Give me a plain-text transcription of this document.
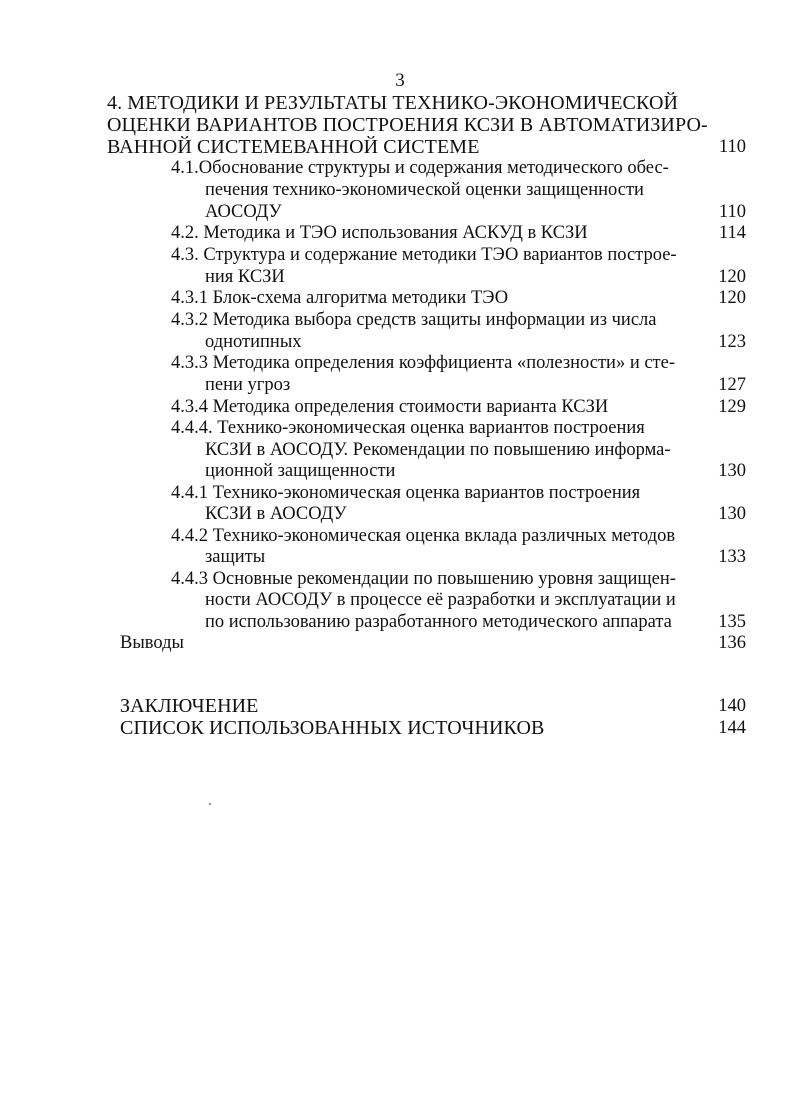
3
4. МЕТОДИКИ И РЕЗУЛЬТАТЫ ТЕХНИКО-ЭКОНОМИЧЕСКОЙ
ОЦЕНКИ ВАРИАНТОВ ПОСТРОЕНИЯ КСЗИ В АВТОМАТИЗИРО-
ВАННОЙ СИСТЕМЕВАННОЙ СИСТЕМЕ	110
4.1.Обоснование структуры и содержания методического обес-
печения технико-экономической оценки защищенности
АОСОДУ	110
4.2. Методика и ТЭО использования АСКУД в КСЗИ	114
4.3. Структура и содержание методики ТЭО вариантов построе-
ния КСЗИ	120
4.3.1 Блок-схема алгоритма методики ТЭО	120
4.3.2 Методика выбора средств защиты информации из числа
однотипных	123
4.3.3 Методика определения коэффициента «полезности» и сте-
пени угроз	127
4.3.4 Методика определения стоимости варианта КСЗИ	129
4.4.4. Технико-экономическая оценка вариантов построения
КСЗИ в АОСОДУ. Рекомендации по повышению информа-
ционной защищенности	130
4.4.1 Технико-экономическая оценка вариантов построения
КСЗИ в АОСОДУ	130
4.4.2 Технико-экономическая оценка вклада различных методов
защиты	133
4.4.3 Основные рекомендации по повышению уровня защищен-
ности АОСОДУ в процессе её разработки и эксплуатации и
по использованию разработанного методического аппарата	135
Выводы	136
ЗАКЛЮЧЕНИЕ	140
СПИСОК ИСПОЛЬЗОВАННЫХ ИСТОЧНИКОВ	144
